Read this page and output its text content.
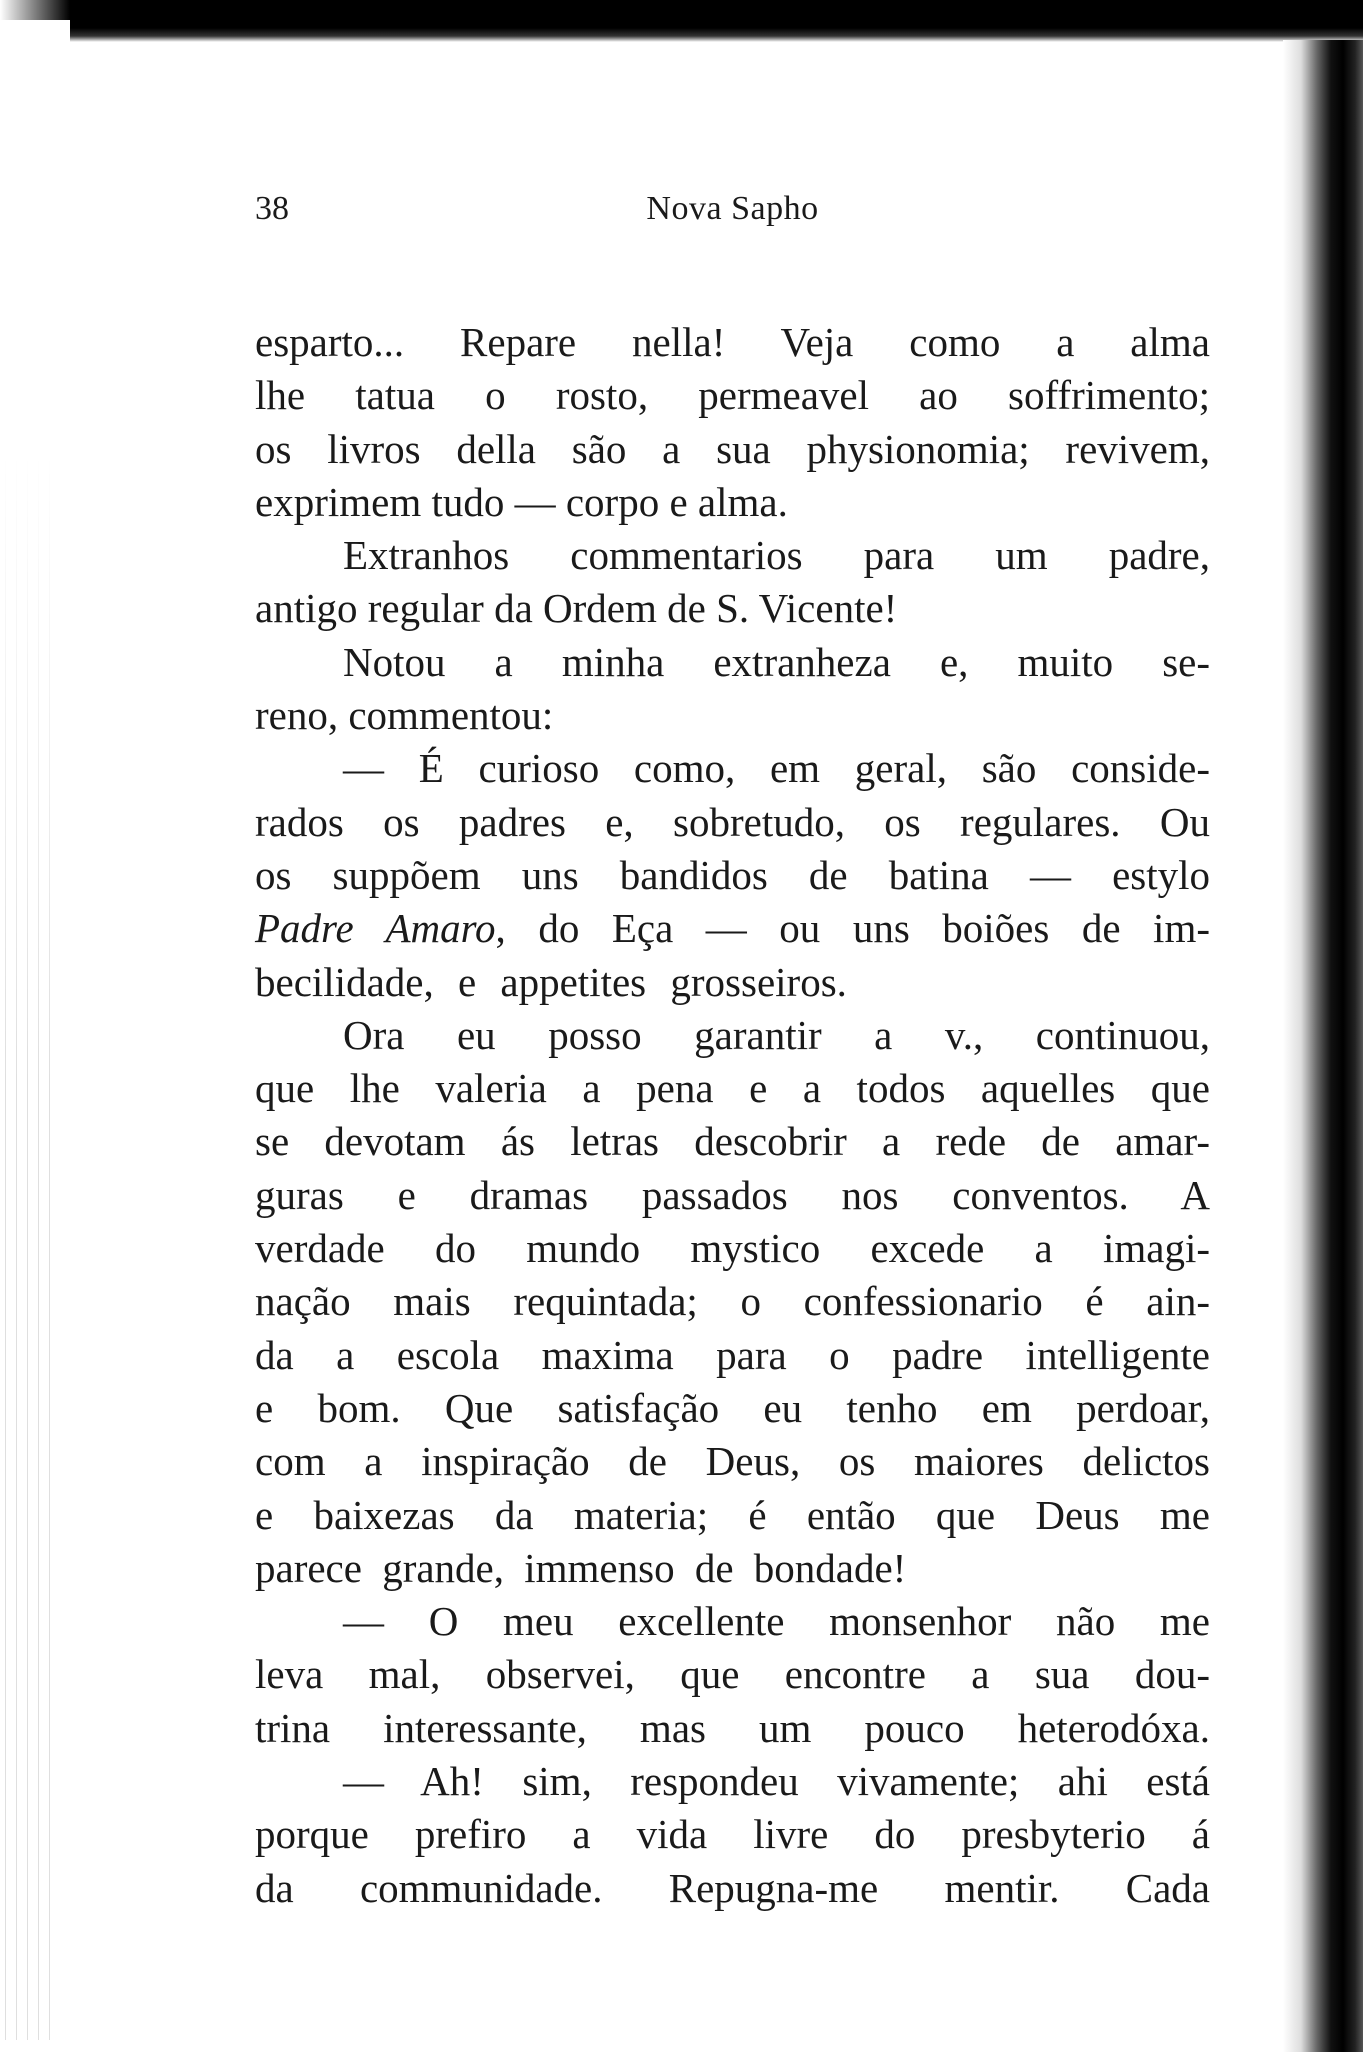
38	Nova Sapho
esparto... Repare nella! Veja como a alma
lhe tatua o rosto, permeavel ao soffrimento;
os livros della são a sua physionomia; revivem,
exprimem tudo — corpo e alma.
Extranhos commentarios para um padre,
antigo regular da Ordem de S. Vicente!
Notou a minha extranheza e, muito se-
reno, commentou:
— É curioso como, em geral, são conside-
rados os padres e, sobretudo, os regulares. Ou
os suppõem uns bandidos de batina — estylo
Padre Amaro, do Eça — ou uns boiões de im-
becilidade, e appetites grosseiros.
Ora eu posso garantir a v., continuou,
que lhe valeria a pena e a todos aquelles que
se devotam ás letras descobrir a rede de amar-
guras e dramas passados nos conventos. A
verdade do mundo mystico excede a imagi-
nação mais requintada; o confessionario é ain-
da a escola maxima para o padre intelligente
e bom. Que satisfação eu tenho em perdoar,
com a inspiração de Deus, os maiores delictos
e baixezas da materia; é então que Deus me
parece grande, immenso de bondade!
— O meu excellente monsenhor não me
leva mal, observei, que encontre a sua dou-
trina interessante, mas um pouco heterodóxa.
— Ah! sim, respondeu vivamente; ahi está
porque prefiro a vida livre do presbyterio á
da communidade. Repugna-me mentir. Cada
